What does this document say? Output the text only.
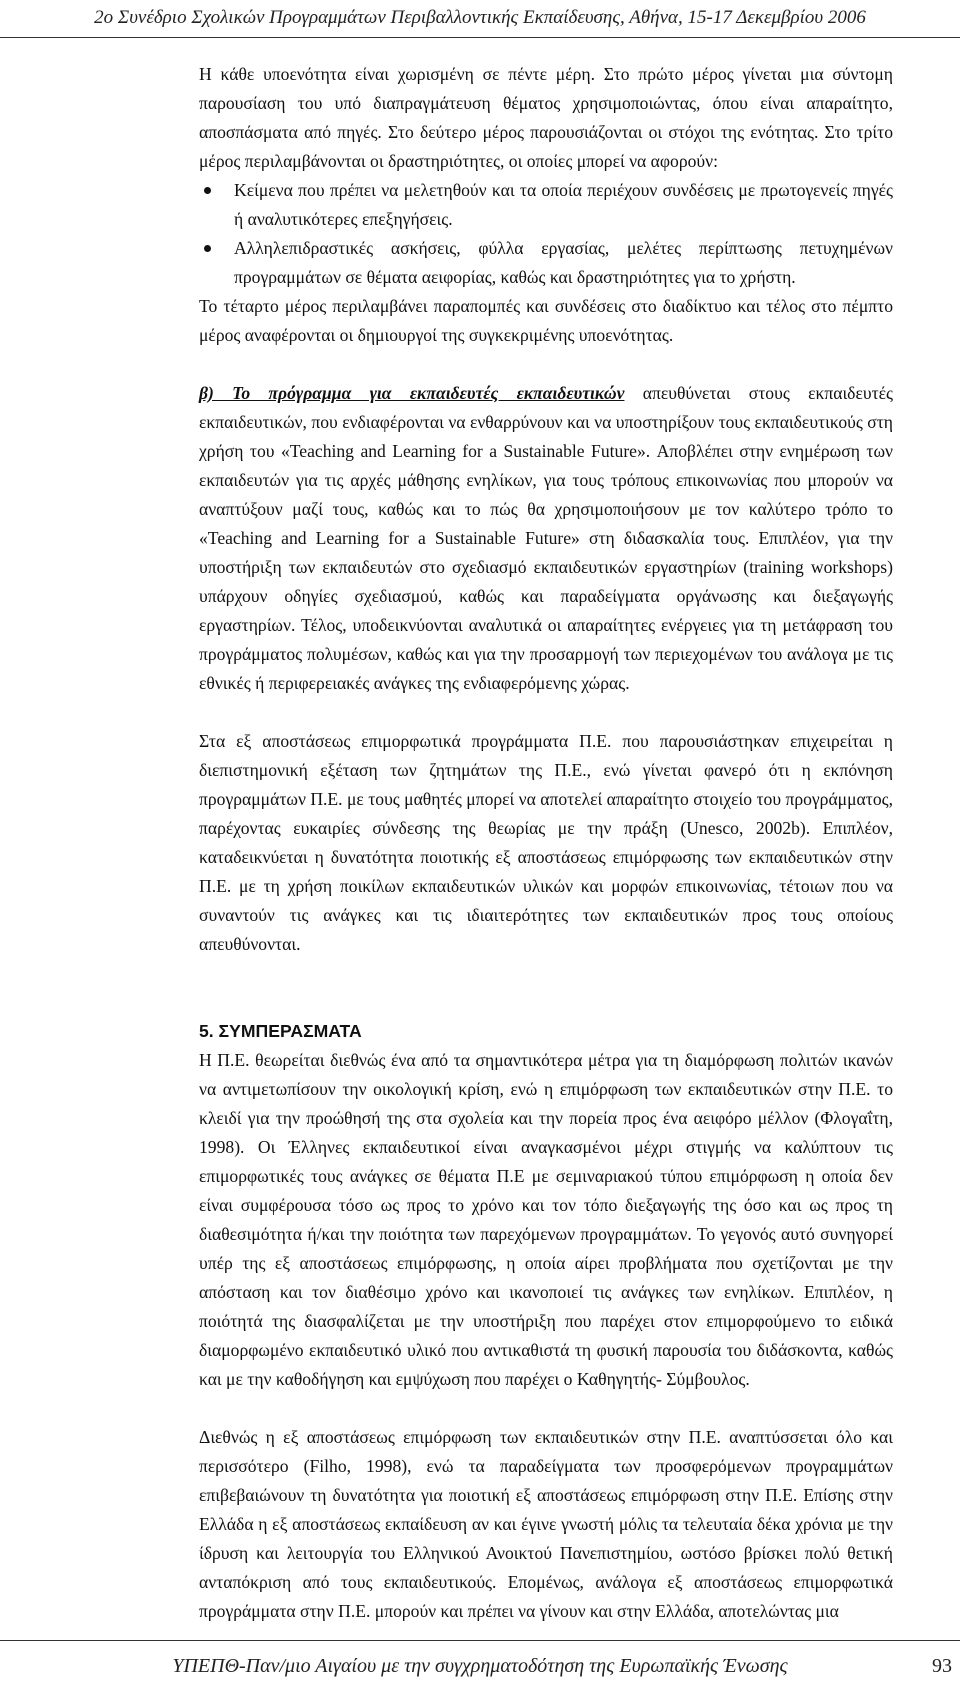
2ο Συνέδριο Σχολικών Προγραμμάτων Περιβαλλοντικής Εκπαίδευσης, Αθήνα, 15-17 Δεκεμβρίου 2006

Η κάθε υποενότητα είναι χωρισμένη σε πέντε μέρη. Στο πρώτο μέρος γίνεται μια σύντομη παρουσίαση του υπό διαπραγμάτευση θέματος χρησιμοποιώντας, όπου είναι απαραίτητο, αποσπάσματα από πηγές. Στο δεύτερο μέρος παρουσιάζονται οι στόχοι της ενότητας. Στο τρίτο μέρος περιλαμβάνονται οι δραστηριότητες, οι οποίες μπορεί να αφορούν:

Κείμενα που πρέπει να μελετηθούν και τα οποία περιέχουν συνδέσεις με πρωτογενείς πηγές ή αναλυτικότερες επεξηγήσεις.
Αλληλεπιδραστικές ασκήσεις, φύλλα εργασίας, μελέτες περίπτωσης πετυχημένων προγραμμάτων σε θέματα αειφορίας, καθώς και δραστηριότητες για το χρήστη.

Το τέταρτο μέρος περιλαμβάνει παραπομπές και συνδέσεις στο διαδίκτυο και τέλος στο πέμπτο μέρος αναφέρονται οι δημιουργοί της συγκεκριμένης υποενότητας.

β) Το πρόγραμμα για εκπαιδευτές εκπαιδευτικών απευθύνεται στους εκπαιδευτές εκπαιδευτικών, που ενδιαφέρονται να ενθαρρύνουν και να υποστηρίξουν τους εκπαιδευτικούς στη χρήση του «Teaching and Learning for a Sustainable Future». Αποβλέπει στην ενημέρωση των εκπαιδευτών για τις αρχές μάθησης ενηλίκων, για τους τρόπους επικοινωνίας που μπορούν να αναπτύξουν μαζί τους, καθώς και το πώς θα χρησιμοποιήσουν με τον καλύτερο τρόπο το «Teaching and Learning for a Sustainable Future» στη διδασκαλία τους. Επιπλέον, για την υποστήριξη των εκπαιδευτών στο σχεδιασμό εκπαιδευτικών εργαστηρίων (training workshops) υπάρχουν οδηγίες σχεδιασμού, καθώς και παραδείγματα οργάνωσης και διεξαγωγής εργαστηρίων. Τέλος, υποδεικνύονται αναλυτικά οι απαραίτητες ενέργειες για τη μετάφραση του προγράμματος πολυμέσων, καθώς και για την προσαρμογή των περιεχομένων του ανάλογα με τις εθνικές ή περιφερειακές ανάγκες της ενδιαφερόμενης χώρας.

Στα εξ αποστάσεως επιμορφωτικά προγράμματα Π.Ε. που παρουσιάστηκαν επιχειρείται η διεπιστημονική εξέταση των ζητημάτων της Π.Ε., ενώ γίνεται φανερό ότι η εκπόνηση προγραμμάτων Π.Ε. με τους μαθητές μπορεί να αποτελεί απαραίτητο στοιχείο του προγράμματος, παρέχοντας ευκαιρίες σύνδεσης της θεωρίας με την πράξη (Unesco, 2002b). Επιπλέον, καταδεικνύεται η δυνατότητα ποιοτικής εξ αποστάσεως επιμόρφωσης των εκπαιδευτικών στην Π.Ε. με τη χρήση ποικίλων εκπαιδευτικών υλικών και μορφών επικοινωνίας, τέτοιων που να συναντούν τις ανάγκες και τις ιδιαιτερότητες των εκπαιδευτικών προς τους οποίους απευθύνονται.

5. ΣΥΜΠΕΡΑΣΜΑΤΑ

Η Π.Ε. θεωρείται διεθνώς ένα από τα σημαντικότερα μέτρα για τη διαμόρφωση πολιτών ικανών να αντιμετωπίσουν την οικολογική κρίση, ενώ η επιμόρφωση των εκπαιδευτικών στην Π.Ε. το κλειδί για την προώθησή της στα σχολεία και την πορεία προς ένα αειφόρο μέλλον (Φλογαΐτη, 1998). Οι Έλληνες εκπαιδευτικοί είναι αναγκασμένοι μέχρι στιγμής να καλύπτουν τις επιμορφωτικές τους ανάγκες σε θέματα Π.Ε με σεμιναριακού τύπου επιμόρφωση η οποία δεν είναι συμφέρουσα τόσο ως προς το χρόνο και τον τόπο διεξαγωγής της όσο και ως προς τη διαθεσιμότητα ή/και την ποιότητα των παρεχόμενων προγραμμάτων. Το γεγονός αυτό συνηγορεί υπέρ της εξ αποστάσεως επιμόρφωσης, η οποία αίρει προβλήματα που σχετίζονται με την απόσταση και τον διαθέσιμο χρόνο και ικανοποιεί τις ανάγκες των ενηλίκων. Επιπλέον, η ποιότητά της διασφαλίζεται με την υποστήριξη που παρέχει στον επιμορφούμενο το ειδικά διαμορφωμένο εκπαιδευτικό υλικό που αντικαθιστά τη φυσική παρουσία του διδάσκοντα, καθώς και με την καθοδήγηση και εμψύχωση που παρέχει ο Καθηγητής- Σύμβουλος.

Διεθνώς η εξ αποστάσεως επιμόρφωση των εκπαιδευτικών στην Π.Ε. αναπτύσσεται όλο και περισσότερο (Filho, 1998), ενώ τα παραδείγματα των προσφερόμενων προγραμμάτων επιβεβαιώνουν τη δυνατότητα για ποιοτική εξ αποστάσεως επιμόρφωση στην Π.Ε. Επίσης στην Ελλάδα η εξ αποστάσεως εκπαίδευση αν και έγινε γνωστή μόλις τα τελευταία δέκα χρόνια με την ίδρυση και λειτουργία του Ελληνικού Ανοικτού Πανεπιστημίου, ωστόσο βρίσκει πολύ θετική ανταπόκριση από τους εκπαιδευτικούς. Επομένως, ανάλογα εξ αποστάσεως επιμορφωτικά προγράμματα στην Π.Ε. μπορούν και πρέπει να γίνουν και στην Ελλάδα, αποτελώντας μια

ΥΠΕΠΘ-Παν/μιο Αιγαίου με την συγχρηματοδότηση της Ευρωπαϊκής Ένωσης	93
